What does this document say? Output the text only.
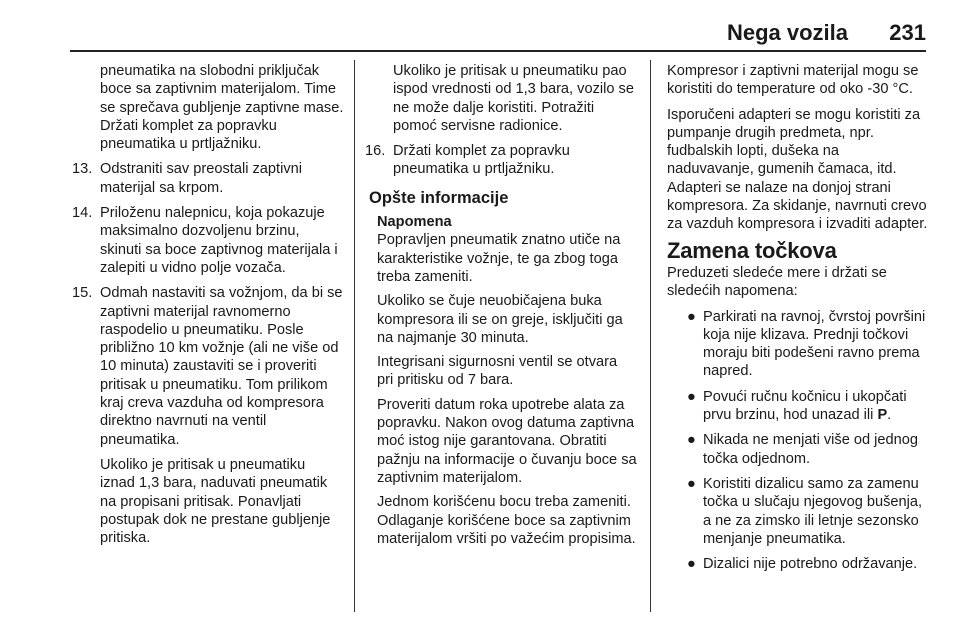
Nega vozila 231

pneumatika na slobodni priključak boce sa zaptivnim materijalom. Time se sprečava gubljenje zaptivne mase. Držati komplet za popravku pneumatika u prtljažniku.

13. Odstraniti sav preostali zaptivni materijal sa krpom.
14. Priloženu nalepnicu, koja pokazuje maksimalno dozvoljenu brzinu, skinuti sa boce zaptivnog materijala i zalepiti u vidno polje vozača.
15. Odmah nastaviti sa vožnjom, da bi se zaptivni materijal ravnomerno raspodelio u pneumatiku. Posle približno 10 km vožnje (ali ne više od 10 minuta) zaustaviti se i proveriti pritisak u pneumatiku. Tom prilikom kraj creva vazduha od kompresora direktno navrnuti na ventil pneumatika.

Ukoliko je pritisak u pneumatiku iznad 1,3 bara, naduvati pneumatik na propisani pritisak. Ponavljati postupak dok ne prestane gubljenje pritiska.

Ukoliko je pritisak u pneumatiku pao ispod vrednosti od 1,3 bara, vozilo se ne može dalje koristiti. Potražiti pomoć servisne radionice.

16. Držati komplet za popravku pneumatika u prtljažniku.
Opšte informacije
Napomena

Popravljen pneumatik znatno utiče na karakteristike vožnje, te ga zbog toga treba zameniti.

Ukoliko se čuje neuobičajena buka kompresora ili se on greje, isključiti ga na najmanje 30 minuta.

Integrisani sigurnosni ventil se otvara pri pritisku od 7 bara.

Proveriti datum roka upotrebe alata za popravku. Nakon ovog datuma zaptivna moć istog nije garantovana. Obratiti pažnju na informacije o čuvanju boce sa zaptivnim materijalom.

Jednom korišćenu bocu treba zameniti. Odlaganje korišćene boce sa zaptivnim materijalom vršiti po važećim propisima.

Kompresor i zaptivni materijal mogu se koristiti do temperature od oko -30 °C.

Isporučeni adapteri se mogu koristiti za pumpanje drugih predmeta, npr. fudbalskih lopti, dušeka na naduvavanje, gumenih čamaca, itd. Adapteri se nalaze na donjoj strani kompresora. Za skidanje, navrnuti crevo za vazduh kompresora i izvaditi adapter.

Zamena točkova

Preduzeti sledeće mere i držati se sledećih napomena:

● Parkirati na ravnoj, čvrstoj površini koja nije klizava. Prednji točkovi moraju biti podešeni ravno prema napred.
● Povući ručnu kočnicu i ukopčati prvu brzinu, hod unazad ili P.
● Nikada ne menjati više od jednog točka odjednom.
● Koristiti dizalicu samo za zamenu točka u slučaju njegovog bušenja, a ne za zimsko ili letnje sezonsko menjanje pneumatika.
● Dizalici nije potrebno održavanje.
